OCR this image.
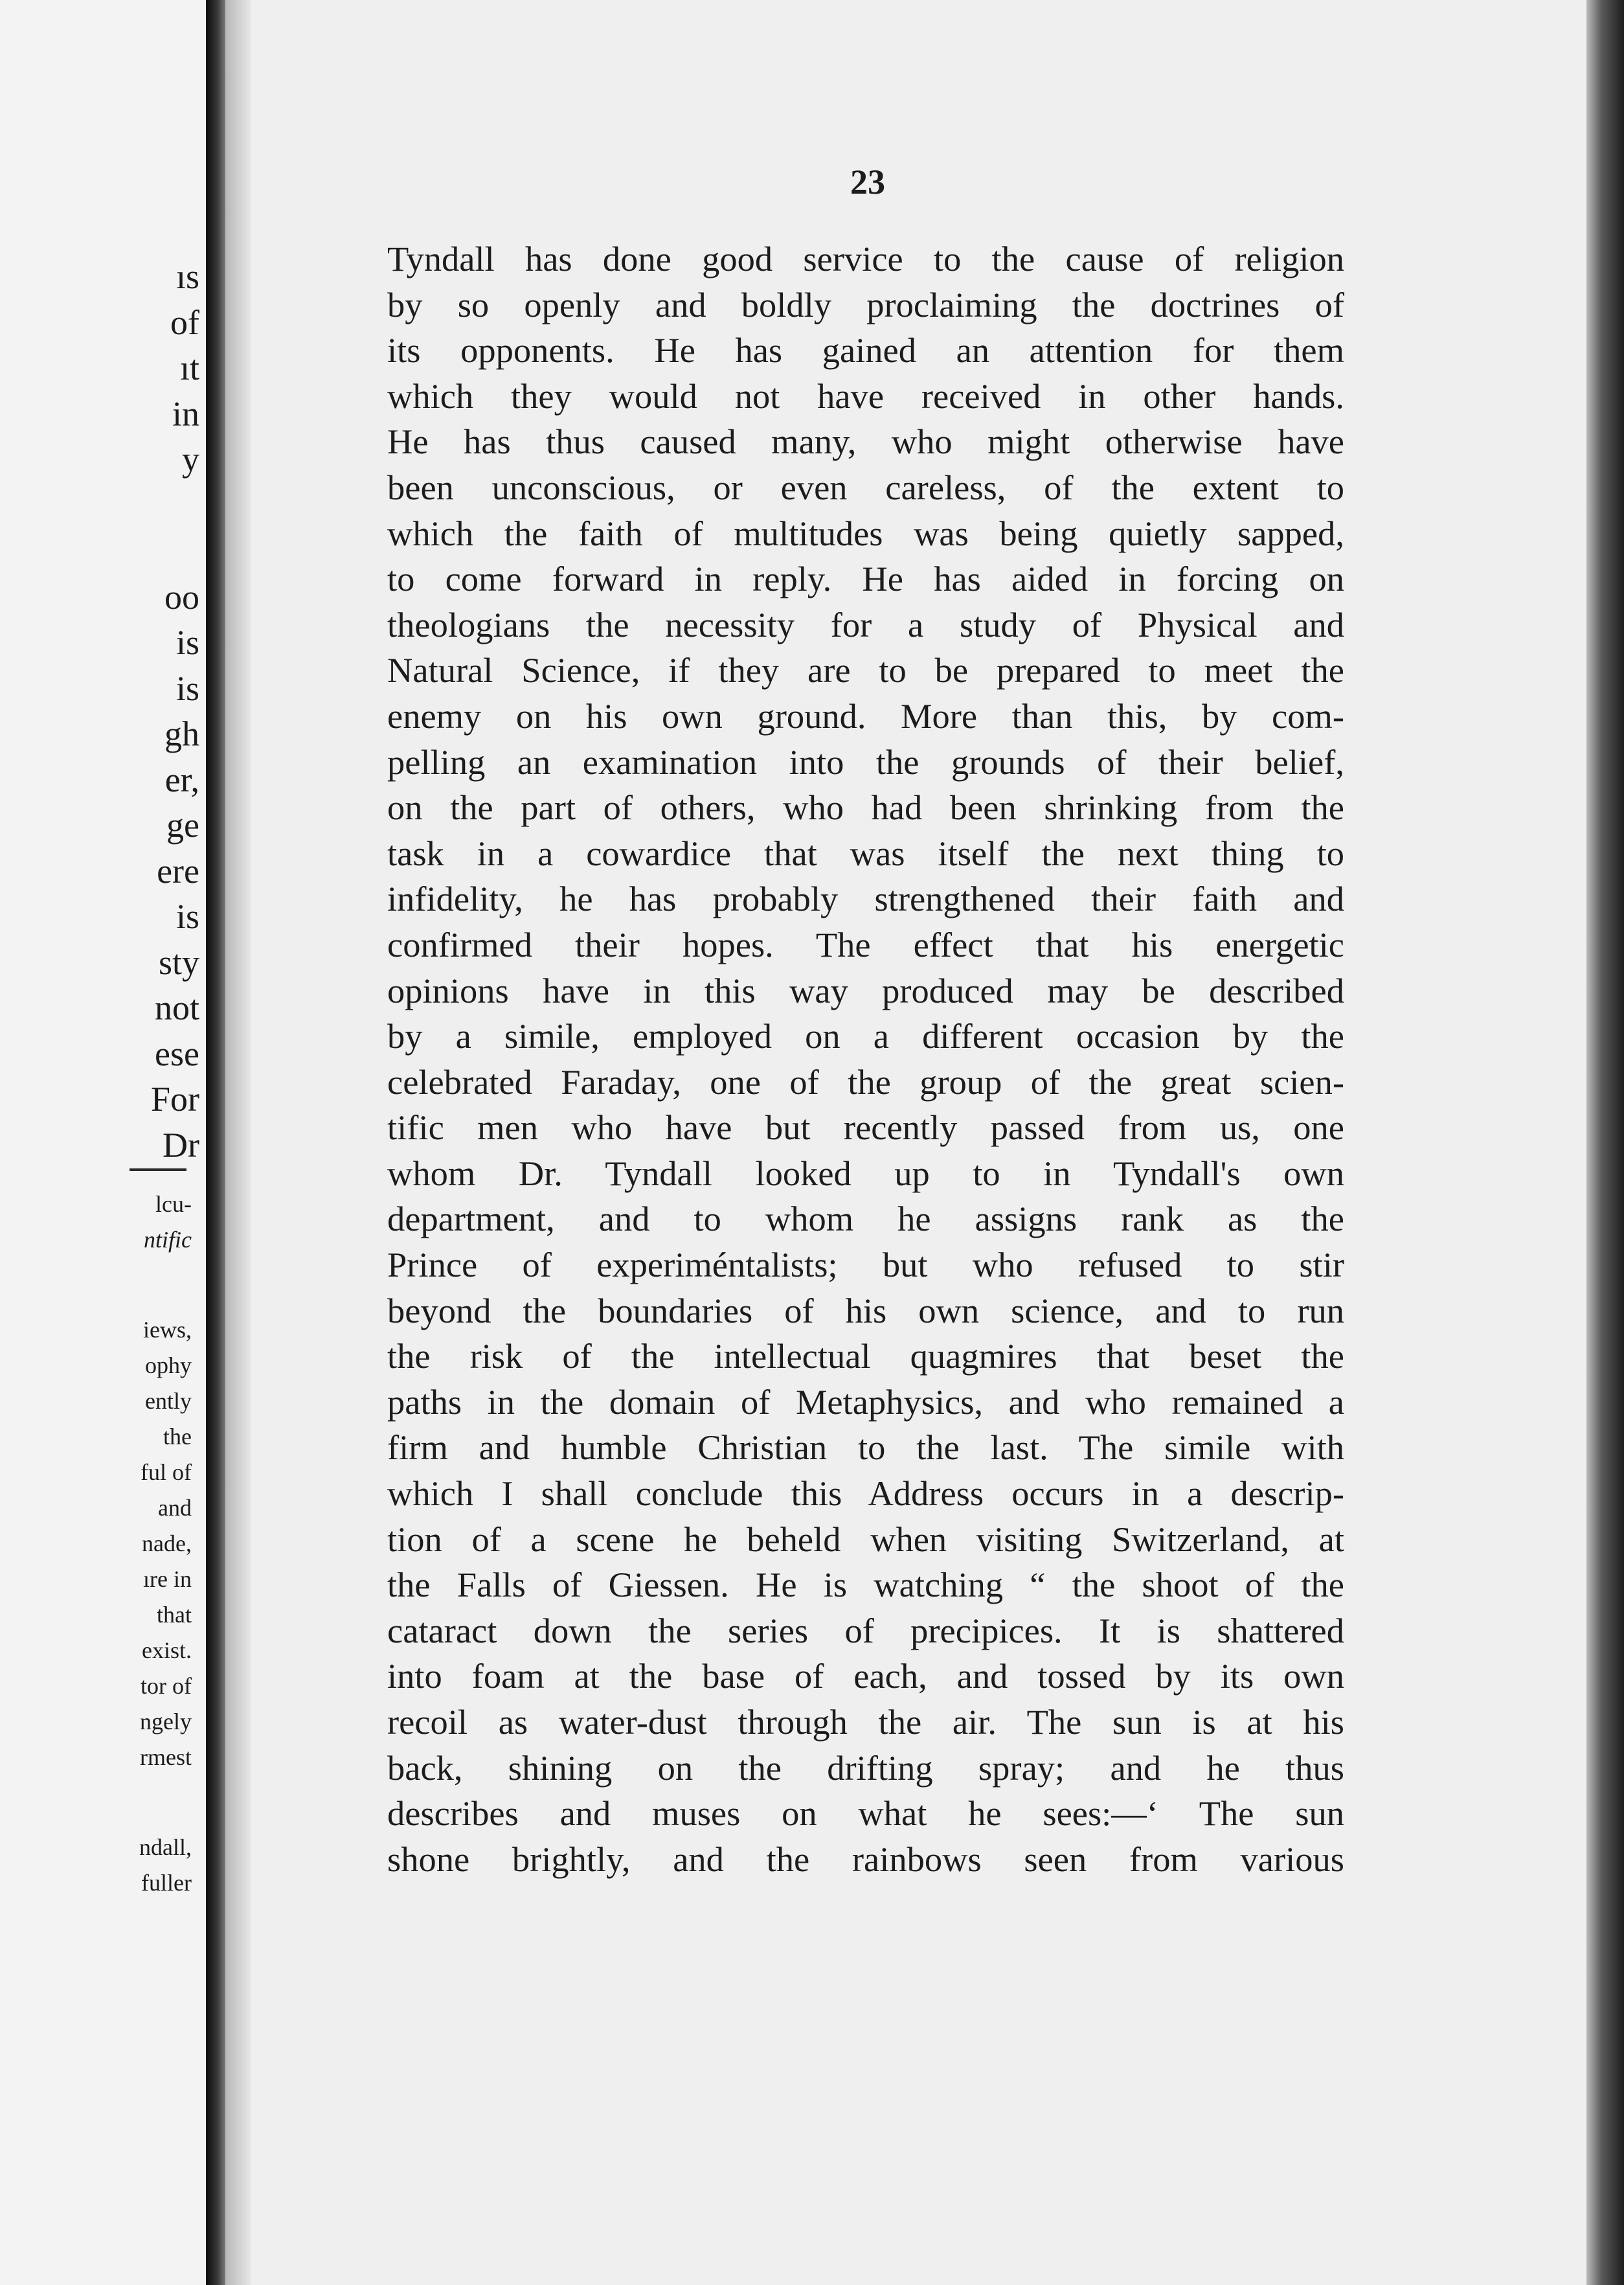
ıs
of
ıt
in
y
oo
is
is
gh
er,
ge
ere
is
sty
not
ese
For
Dr
lcu-
ntific
iews,
ophy
ently
the
ful of
and
nade,
ıre in
that
exist.
tor of
ngely
rmest
ndall,
fuller
23
Tyndall has done good service to the cause of religion
by so openly and boldly proclaiming the doctrines of
its opponents. He has gained an attention for them
which they would not have received in other hands.
He has thus caused many, who might otherwise have
been unconscious, or even careless, of the extent to
which the faith of multitudes was being quietly sapped,
to come forward in reply. He has aided in forcing on
theologians the necessity for a study of Physical and
Natural Science, if they are to be prepared to meet the
enemy on his own ground. More than this, by com-
pelling an examination into the grounds of their belief,
on the part of others, who had been shrinking from the
task in a cowardice that was itself the next thing to
infidelity, he has probably strengthened their faith and
confirmed their hopes. The effect that his energetic
opinions have in this way produced may be described
by a simile, employed on a different occasion by the
celebrated Faraday, one of the group of the great scien-
tific men who have but recently passed from us, one
whom Dr. Tyndall looked up to in Tyndall's own
department, and to whom he assigns rank as the
Prince of experiméntalists; but who refused to stir
beyond the boundaries of his own science, and to run
the risk of the intellectual quagmires that beset the
paths in the domain of Metaphysics, and who remained a
firm and humble Christian to the last. The simile with
which I shall conclude this Address occurs in a descrip-
tion of a scene he beheld when visiting Switzerland, at
the Falls of Giessen. He is watching “ the shoot of the
cataract down the series of precipices. It is shattered
into foam at the base of each, and tossed by its own
recoil as water-dust through the air. The sun is at his
back, shining on the drifting spray; and he thus
describes and muses on what he sees:—‘ The sun
shone brightly, and the rainbows seen from various
